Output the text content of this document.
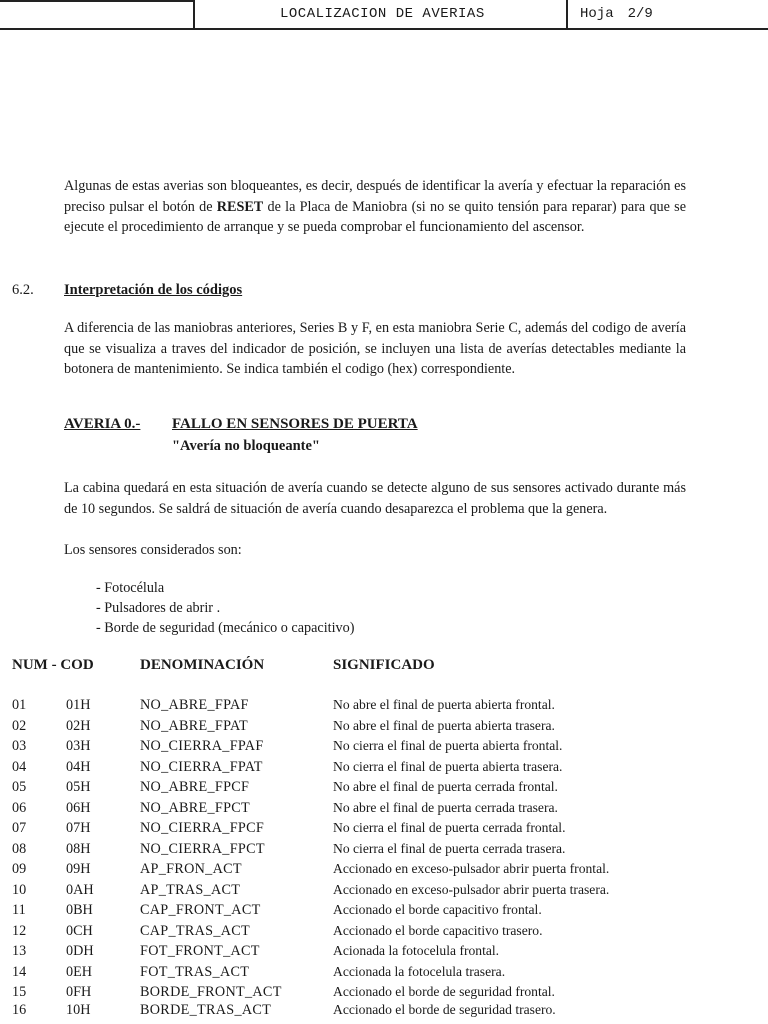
LOCALIZACION DE AVERIAS	Hoja 2/9
Algunas de estas averias son bloqueantes, es decir, después de identificar la avería y efectuar la reparación es preciso pulsar el botón de RESET de la Placa de Maniobra (si no se quito tensión para reparar) para que se ejecute el procedimiento de arranque y se pueda comprobar el funcionamiento del ascensor.
6.2. Interpretación de los códigos
A diferencia de las maniobras anteriores, Series B y F, en esta maniobra Serie C, además del codigo de avería que se visualiza a traves del indicador de posición, se incluyen una lista de averías detectables mediante la botonera de mantenimiento. Se indica también el codigo (hex) correspondiente.
AVERIA 0.- FALLO EN SENSORES DE PUERTA
"Avería no bloqueante"
La cabina quedará en esta situación de avería cuando se detecte alguno de sus sensores activado durante más de 10 segundos. Se saldrá de situación de avería cuando desaparezca el problema que la genera.
Los sensores considerados son:
- Fotocélula
- Pulsadores de abrir .
- Borde de seguridad (mecánico o capacitivo)
NUM - COD	DENOMINACIÓN	SIGNIFICADO
01	01H	NO_ABRE_FPAF	No abre el final de puerta abierta frontal.
02	02H	NO_ABRE_FPAT	No abre el final de puerta abierta trasera.
03	03H	NO_CIERRA_FPAF	No cierra el final de puerta abierta frontal.
04	04H	NO_CIERRA_FPAT	No cierra el final de puerta abierta trasera.
05	05H	NO_ABRE_FPCF	No abre el final de puerta cerrada frontal.
06	06H	NO_ABRE_FPCT	No abre el final de puerta cerrada trasera.
07	07H	NO_CIERRA_FPCF	No cierra el final de puerta cerrada frontal.
08	08H	NO_CIERRA_FPCT	No cierra el final de puerta cerrada trasera.
09	09H	AP_FRON_ACT	Accionado en exceso-pulsador abrir puerta frontal.
10	0AH	AP_TRAS_ACT	Accionado en exceso-pulsador abrir puerta trasera.
11	0BH	CAP_FRONT_ACT	Accionado el borde capacitivo frontal.
12	0CH	CAP_TRAS_ACT	Accionado el borde capacitivo trasero.
13	0DH	FOT_FRONT_ACT	Acionada la fotocelula frontal.
14	0EH	FOT_TRAS_ACT	Accionada la fotocelula trasera.
15	0FH	BORDE_FRONT_ACT	Accionado el borde de seguridad frontal.
16	10H	BORDE_TRAS_ACT	Accionado el borde de seguridad trasero.
